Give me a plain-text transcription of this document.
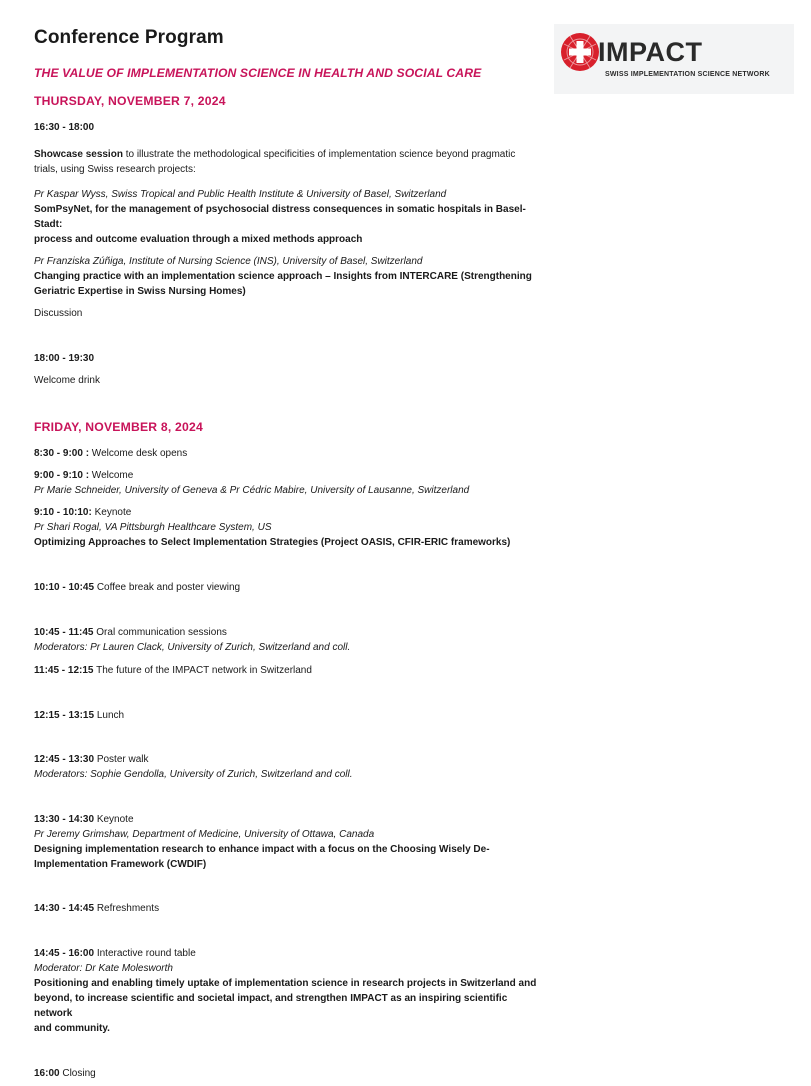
IMPACT
SWISS IMPLEMENTATION SCIENCE NETWORK
Conference Program
THE VALUE OF IMPLEMENTATION SCIENCE IN HEALTH AND SOCIAL CARE
THURSDAY, NOVEMBER 7, 2024

16:30 - 18:00

Showcase session to illustrate the methodological specificities of implementation science beyond pragmatic
trials, using Swiss research projects:

Pr Kaspar Wyss, Swiss Tropical and Public Health Institute & University of Basel, Switzerland

SomPsyNet, for the management of psychosocial distress consequences in somatic hospitals in Basel-Stadt:
process and outcome evaluation through a mixed methods approach

Pr Franziska Zúñiga, Institute of Nursing Science (INS), University of Basel, Switzerland

Changing practice with an implementation science approach – Insights from INTERCARE (Strengthening
Geriatric Expertise in Swiss Nursing Homes)

Discussion

18:00 - 19:30

Welcome drink

FRIDAY, NOVEMBER 8, 2024

8:30 - 9:00 : Welcome desk opens

9:00 - 9:10 : Welcome

Pr Marie Schneider, University of Geneva & Pr Cédric Mabire, University of Lausanne, Switzerland

9:10 - 10:10: Keynote

Pr Shari Rogal, VA Pittsburgh Healthcare System, US

Optimizing Approaches to Select Implementation Strategies (Project OASIS, CFIR-ERIC frameworks)

10:10 - 10:45 Coffee break and poster viewing

10:45 - 11:45 Oral communication sessions

Moderators: Pr Lauren Clack, University of Zurich, Switzerland and coll.

11:45 - 12:15 The future of the IMPACT network in Switzerland

12:15 - 13:15 Lunch

12:45 - 13:30 Poster walk

Moderators: Sophie Gendolla, University of Zurich, Switzerland and coll.

13:30 - 14:30 Keynote

Pr Jeremy Grimshaw, Department of Medicine, University of Ottawa, Canada

Designing implementation research to enhance impact with a focus on the Choosing Wisely De-
Implementation Framework (CWDIF)

14:30 - 14:45 Refreshments

14:45 - 16:00 Interactive round table

Moderator: Dr Kate Molesworth

Positioning and enabling timely uptake of implementation science in research projects in Switzerland and
beyond, to increase scientific and societal impact, and strengthen IMPACT as an inspiring scientific network
and community.

16:00 Closing
